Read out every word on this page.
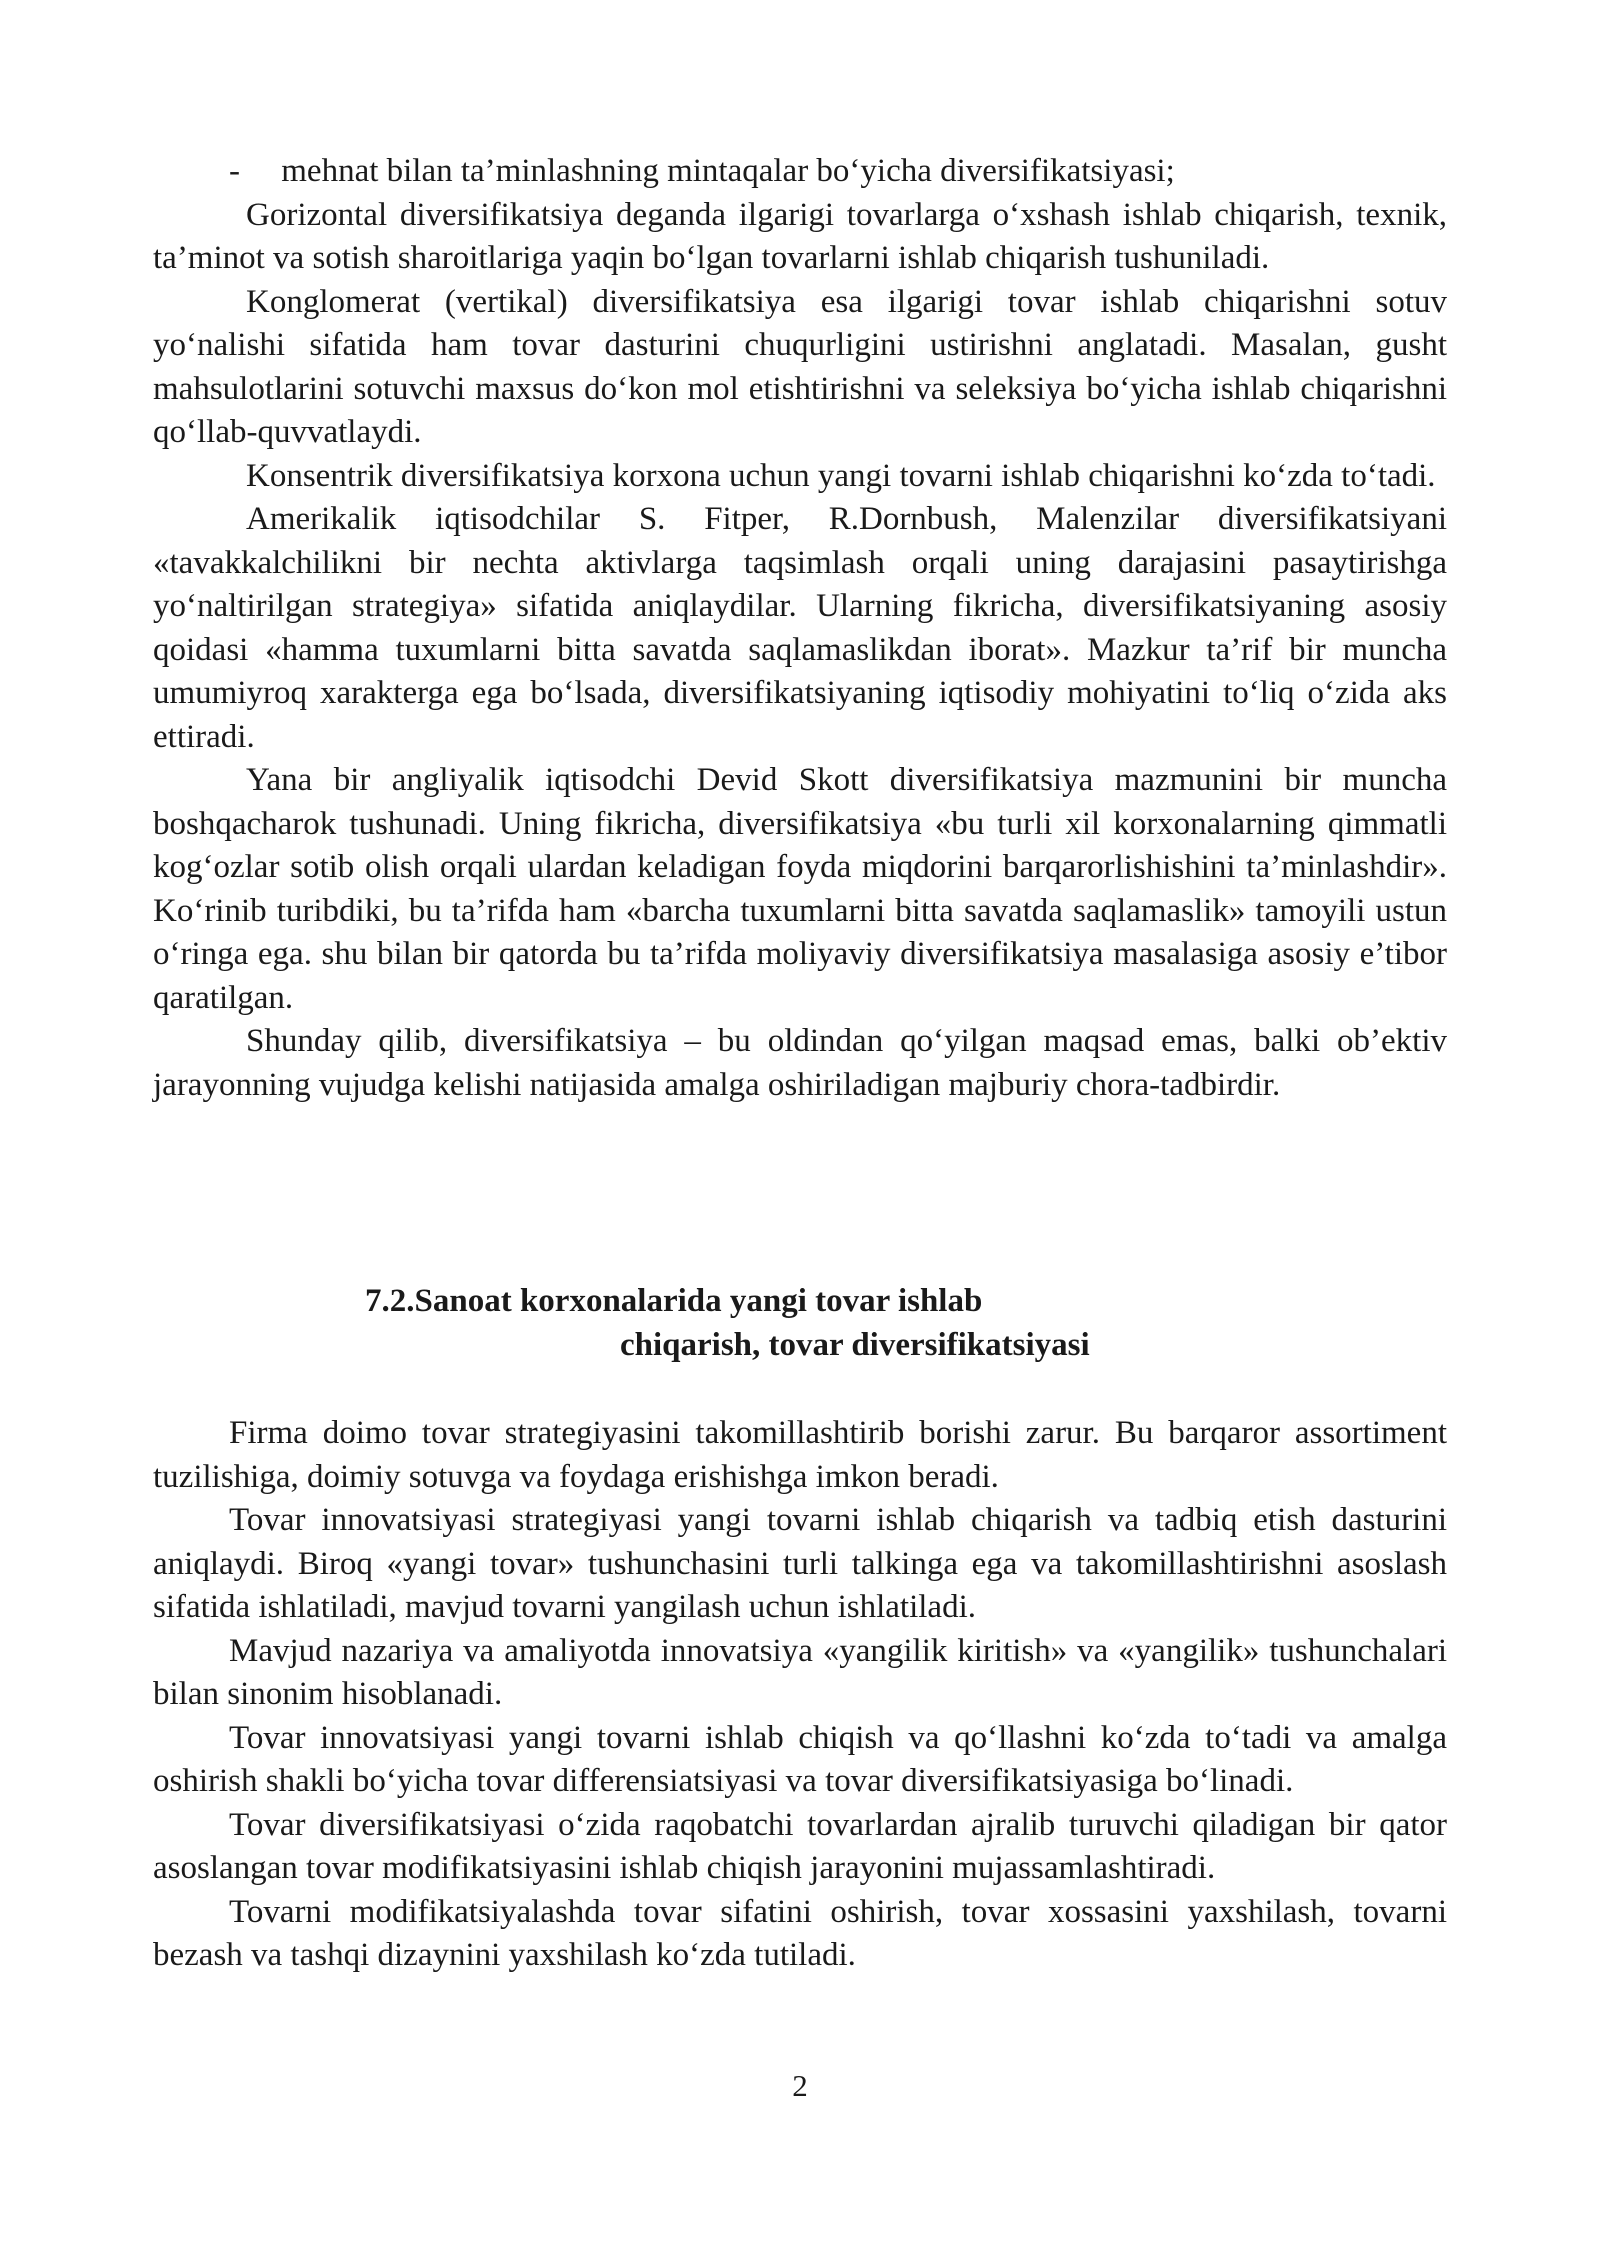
- mehnat bilan ta’minlashning mintaqalar bo‘yicha diversifikatsiyasi;

Gorizontal diversifikatsiya deganda ilgarigi tovarlarga o‘xshash ishlab chiqarish, texnik, ta’minot va sotish sharoitlariga yaqin bo‘lgan tovarlarni ishlab chiqarish tushuniladi.

Konglomerat (vertikal) diversifikatsiya esa ilgarigi tovar ishlab chiqarishni sotuv yo‘nalishi sifatida ham tovar dasturini chuqurligini ustirishni anglatadi. Masalan, gusht mahsulotlarini sotuvchi maxsus do‘kon mol etishtirishni va seleksiya bo‘yicha ishlab chiqarishni qo‘llab-quvvatlaydi.

Konsentrik diversifikatsiya korxona uchun yangi tovarni ishlab chiqarishni ko‘zda to‘tadi.

Amerikalik iqtisodchilar S. Fitper, R.Dornbush, Malenzilar diversifikatsiyani «tavakkalchilikni bir nechta aktivlarga taqsimlash orqali uning darajasini pasaytirishga yo‘naltirilgan strategiya» sifatida aniqlaydilar. Ularning fikricha, diversifikatsiyaning asosiy qoidasi «hamma tuxumlarni bitta savatda saqlamaslikdan iborat». Mazkur ta’rif bir muncha umumiyroq xarakterga ega bo‘lsada, diversifikatsiyaning iqtisodiy mohiyatini to‘liq o‘zida aks ettiradi.

Yana bir angliyalik iqtisodchi Devid Skott diversifikatsiya mazmunini bir muncha boshqacharok tushunadi. Uning fikricha, diversifikatsiya «bu turli xil korxonalarning qimmatli kog‘ozlar sotib olish orqali ulardan keladigan foyda miqdorini barqarorlishishini ta’minlashdir». Ko‘rinib turibdiki, bu ta’rifda ham «barcha tuxumlarni bitta savatda saqlamaslik» tamoyili ustun o‘ringa ega. shu bilan bir qatorda bu ta’rifda moliyaviy diversifikatsiya masalasiga asosiy e’tibor qaratilgan.

Shunday qilib, diversifikatsiya – bu oldindan qo‘yilgan maqsad emas, balki ob’ektiv jarayonning vujudga kelishi natijasida amalga oshiriladigan majburiy chora-tadbirdir.

7.2.Sanoat korxonalarida yangi tovar ishlab
chiqarish, tovar diversifikatsiyasi

Firma doimo tovar strategiyasini takomillashtirib borishi zarur. Bu barqaror assortiment tuzilishiga, doimiy sotuvga va foydaga erishishga imkon beradi.

Tovar innovatsiyasi strategiyasi yangi tovarni ishlab chiqarish va tadbiq etish dasturini aniqlaydi. Biroq «yangi tovar» tushunchasini turli talkinga ega va takomillashtirishni asoslash sifatida ishlatiladi, mavjud tovarni yangilash uchun ishlatiladi.

Mavjud nazariya va amaliyotda innovatsiya «yangilik kiritish» va «yangilik» tushunchalari bilan sinonim hisoblanadi.

Tovar innovatsiyasi yangi tovarni ishlab chiqish va qo‘llashni ko‘zda to‘tadi va amalga oshirish shakli bo‘yicha tovar differensiatsiyasi va tovar diversifikatsiyasiga bo‘linadi.

Tovar diversifikatsiyasi o‘zida raqobatchi tovarlardan ajralib turuvchi qiladigan bir qator asoslangan tovar modifikatsiyasini ishlab chiqish jarayonini mujassamlashtiradi.

Tovarni modifikatsiyalashda tovar sifatini oshirish, tovar xossasini yaxshilash, tovarni bezash va tashqi dizaynini yaxshilash ko‘zda tutiladi.

2
